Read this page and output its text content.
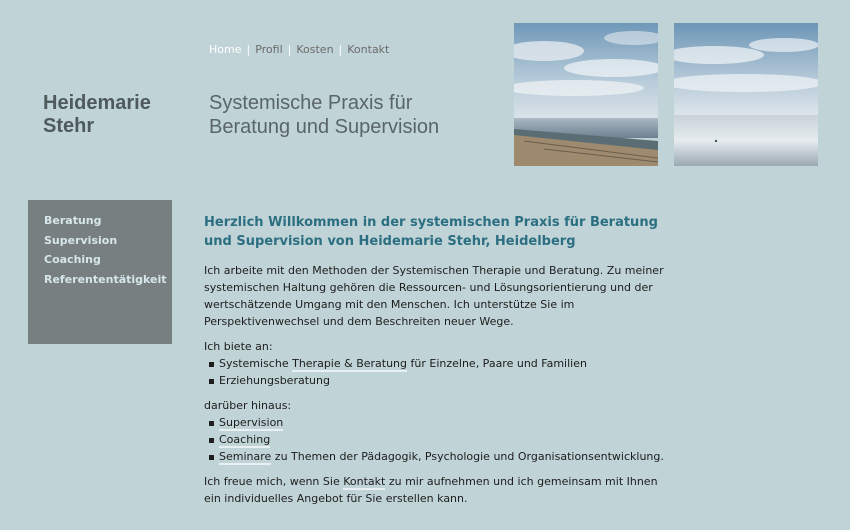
Home | Profil | Kosten | Kontakt
Heidemarie
Stehr
Systemische Praxis für
Beratung und Supervision
Beratung
Supervision
Coaching
Referententätigkeit
Herzlich Willkommen in der systemischen Praxis für Beratung und Supervision von Heidemarie Stehr, Heidelberg

Ich arbeite mit den Methoden der Systemischen Therapie und Beratung. Zu meiner systemischen Haltung gehören die Ressourcen- und Lösungsorientierung und der wertschätzende Umgang mit den Menschen. Ich unterstütze Sie im Perspektivenwechsel und dem Beschreiten neuer Wege.

Ich biete an:

Systemische Therapie & Beratung für Einzelne, Paare und Familien
Erziehungsberatung

darüber hinaus:

Supervision
Coaching
Seminare zu Themen der Pädagogik, Psychologie und Organisationsentwicklung.

Ich freue mich, wenn Sie Kontakt zu mir aufnehmen und ich gemeinsam mit Ihnen ein individuelles Angebot für Sie erstellen kann.
